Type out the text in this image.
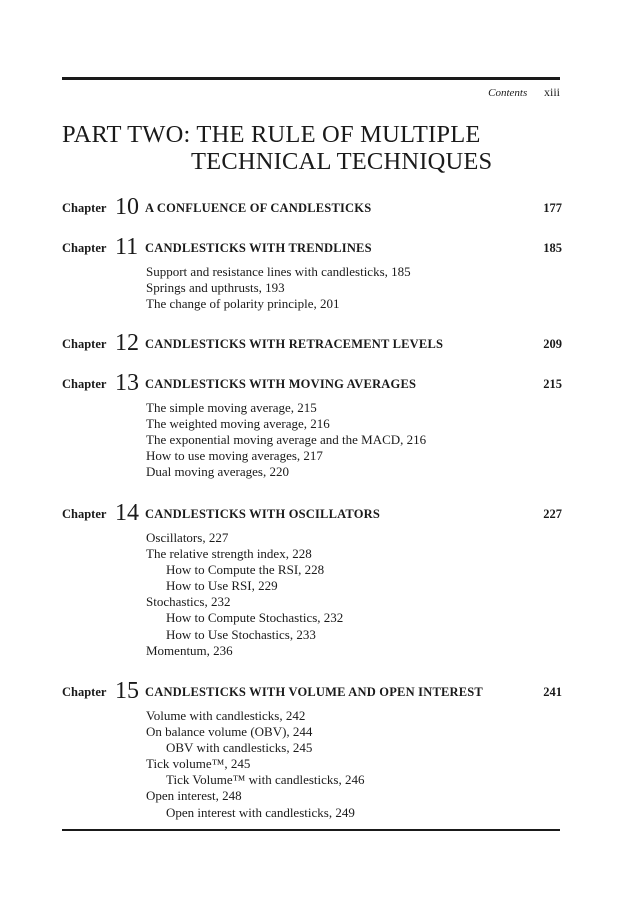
Contents xiii
PART TWO: THE RULE OF MULTIPLE
TECHNICAL TECHNIQUES
Chapter 10 A CONFLUENCE OF CANDLESTICKS	177
Chapter 11 CANDLESTICKS WITH TRENDLINES	185
Support and resistance lines with candlesticks, 185
Springs and upthrusts, 193
The change of polarity principle, 201
Chapter 12 CANDLESTICKS WITH RETRACEMENT LEVELS	209
Chapter 13 CANDLESTICKS WITH MOVING AVERAGES	215
The simple moving average, 215
The weighted moving average, 216
The exponential moving average and the MACD, 216
How to use moving averages, 217
Dual moving averages, 220
Chapter 14 CANDLESTICKS WITH OSCILLATORS	227
Oscillators, 227
The relative strength index, 228
How to Compute the RSI, 228
How to Use RSI, 229
Stochastics, 232
How to Compute Stochastics, 232
How to Use Stochastics, 233
Momentum, 236
Chapter 15 CANDLESTICKS WITH VOLUME AND OPEN INTEREST	241
Volume with candlesticks, 242
On balance volume (OBV), 244
OBV with candlesticks, 245
Tick volume™, 245
Tick Volume™ with candlesticks, 246
Open interest, 248
Open interest with candlesticks, 249
